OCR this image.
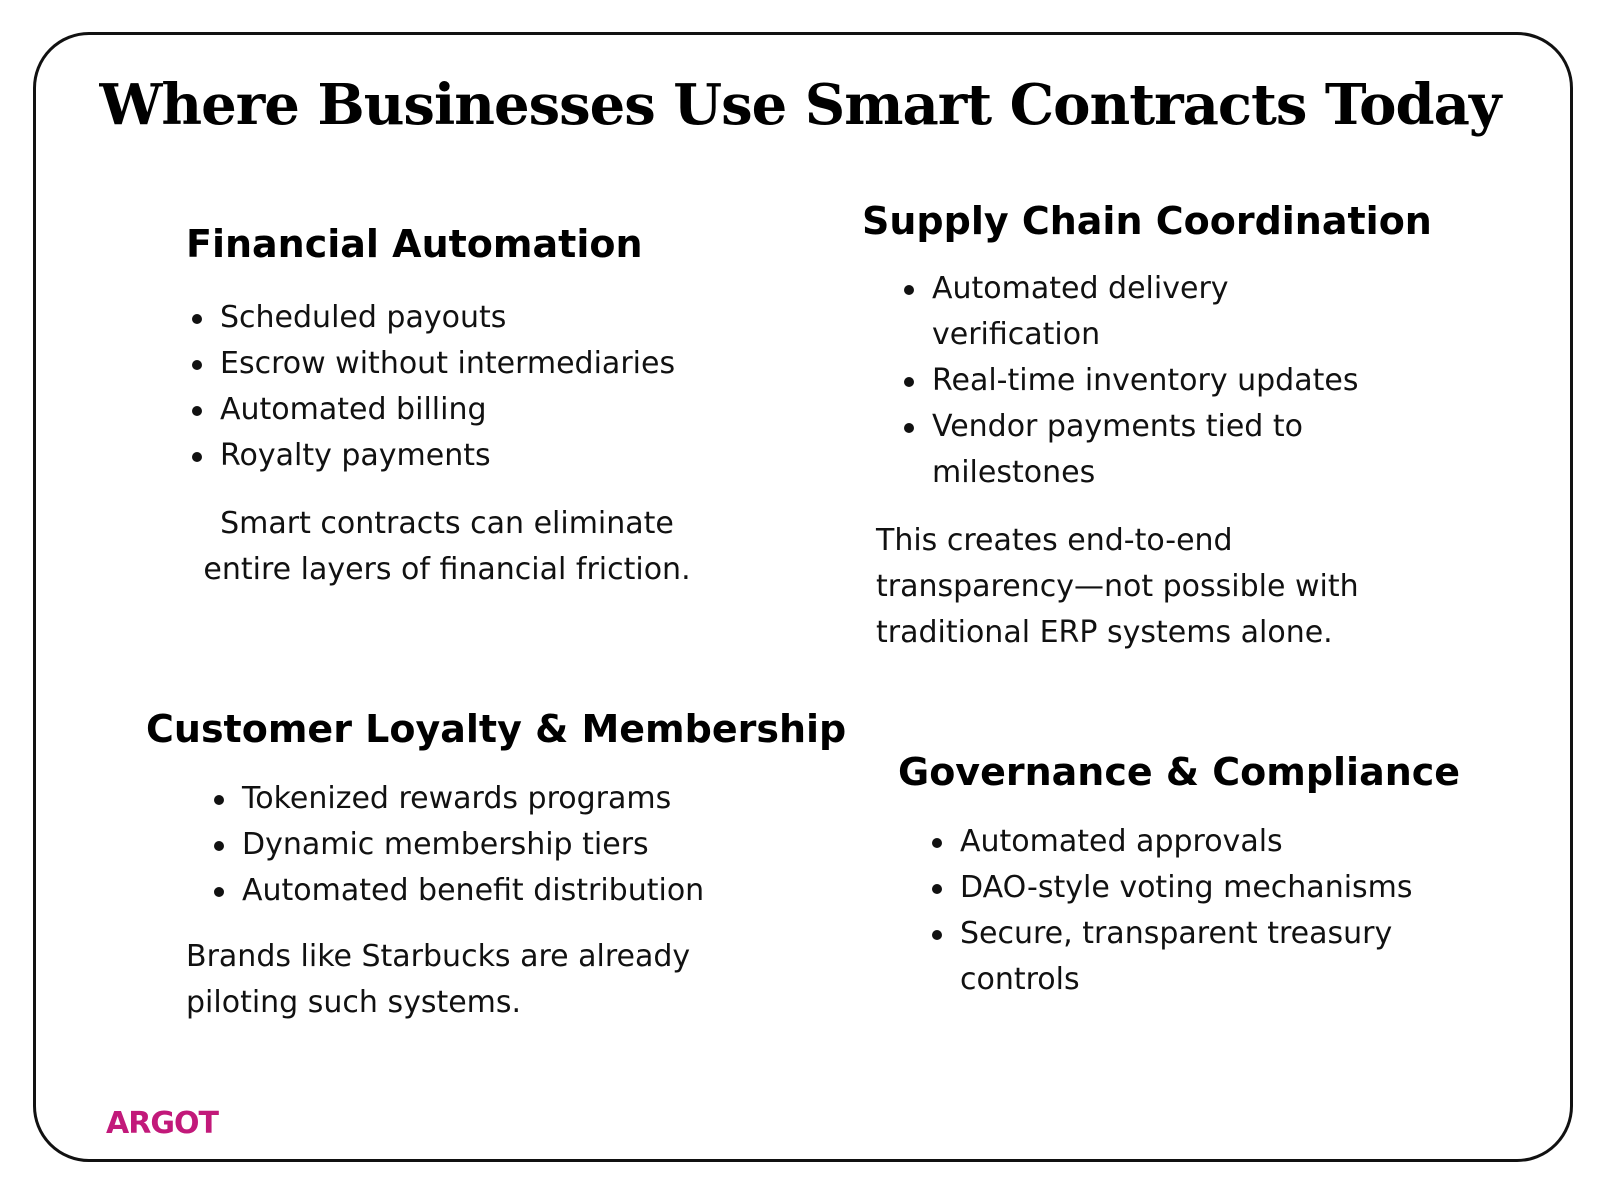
Where Businesses Use Smart Contracts Today
Financial Automation
Scheduled payouts
Escrow without intermediaries
Automated billing
Royalty payments

Smart contracts can eliminate entire layers of financial friction.

Supply Chain Coordination
Automated delivery verification
Real-time inventory updates
Vendor payments tied to milestones

This creates end-to-end transparency—not possible with traditional ERP systems alone.

Customer Loyalty & Membership
Tokenized rewards programs
Dynamic membership tiers
Automated benefit distribution

Brands like Starbucks are already piloting such systems.

Governance & Compliance
Automated approvals
DAO-style voting mechanisms
Secure, transparent treasury controls
ARGOT
